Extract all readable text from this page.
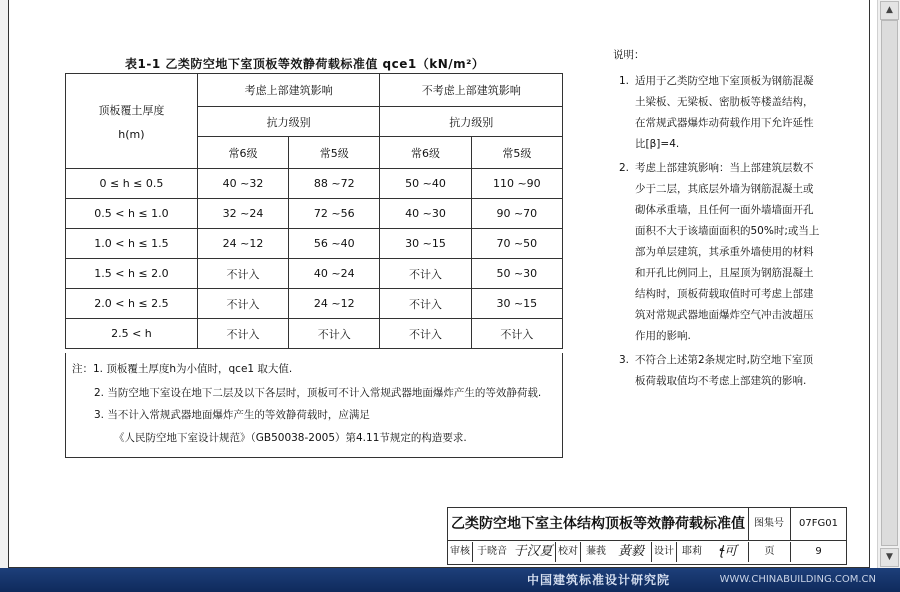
表1-1 乙类防空地下室顶板等效静荷载标准值 qce1（kN/m²）
顶板覆土厚度
h(m)	考虑上部建筑影响		不考虑上部建筑影响	
	抗力级别		抗力级别	
	常6级	常5级	常6级	常5级
0 ≤ h ≤ 0.5	40 ~32	88 ~72	50 ~40	110 ~90
0.5 < h ≤ 1.0	32 ~24	72 ~56	40 ~30	90 ~70
1.0 < h ≤ 1.5	24 ~12	56 ~40	30 ~15	70 ~50
1.5 < h ≤ 2.0	不计入	40 ~24	不计入	50 ~30
2.0 < h ≤ 2.5	不计入	24 ~12	不计入	30 ~15
2.5 < h	不计入	不计入	不计入	不计入
注：1. 顶板覆土厚度h为小值时，qce1 取大值.
2. 当防空地下室设在地下二层及以下各层时，顶板可不计入常规武器地面爆炸产生的等效静荷载.
3. 当不计入常规武器地面爆炸产生的等效静荷载时，应满足
《人民防空地下室设计规范》（GB50038-2005）第4.11节规定的构造要求.
说明：
1. 适用于乙类防空地下室顶板为钢筋混凝
土梁板、无梁板、密肋板等楼盖结构，
在常规武器爆炸动荷载作用下允许延性
比[β]=4.
2. 考虑上部建筑影响：当上部建筑层数不
少于二层，其底层外墙为钢筋混凝土或
砌体承重墙，且任何一面外墙墙面开孔
面积不大于该墙面面积的50%时;或当上
部为单层建筑，其承重外墙使用的材料
和开孔比例同上，且屋顶为钢筋混凝土
结构时，顶板荷载取值时可考虑上部建
筑对常规武器地面爆炸空气冲击波超压
作用的影响.
3. 不符合上述第2条规定时,防空地下室顶
板荷载取值均不考虑上部建筑的影响.
乙类防空地下室主体结构顶板等效静荷载标准值 图集号	07FG01
审核 于晓音 于汉夏 校对 蒹莪 黃毅	设计 耶莉	ꞎ可	页	9
▲
▼
中国建筑标准设计研究院	WWW.CHINABUILDING.COM.CN
